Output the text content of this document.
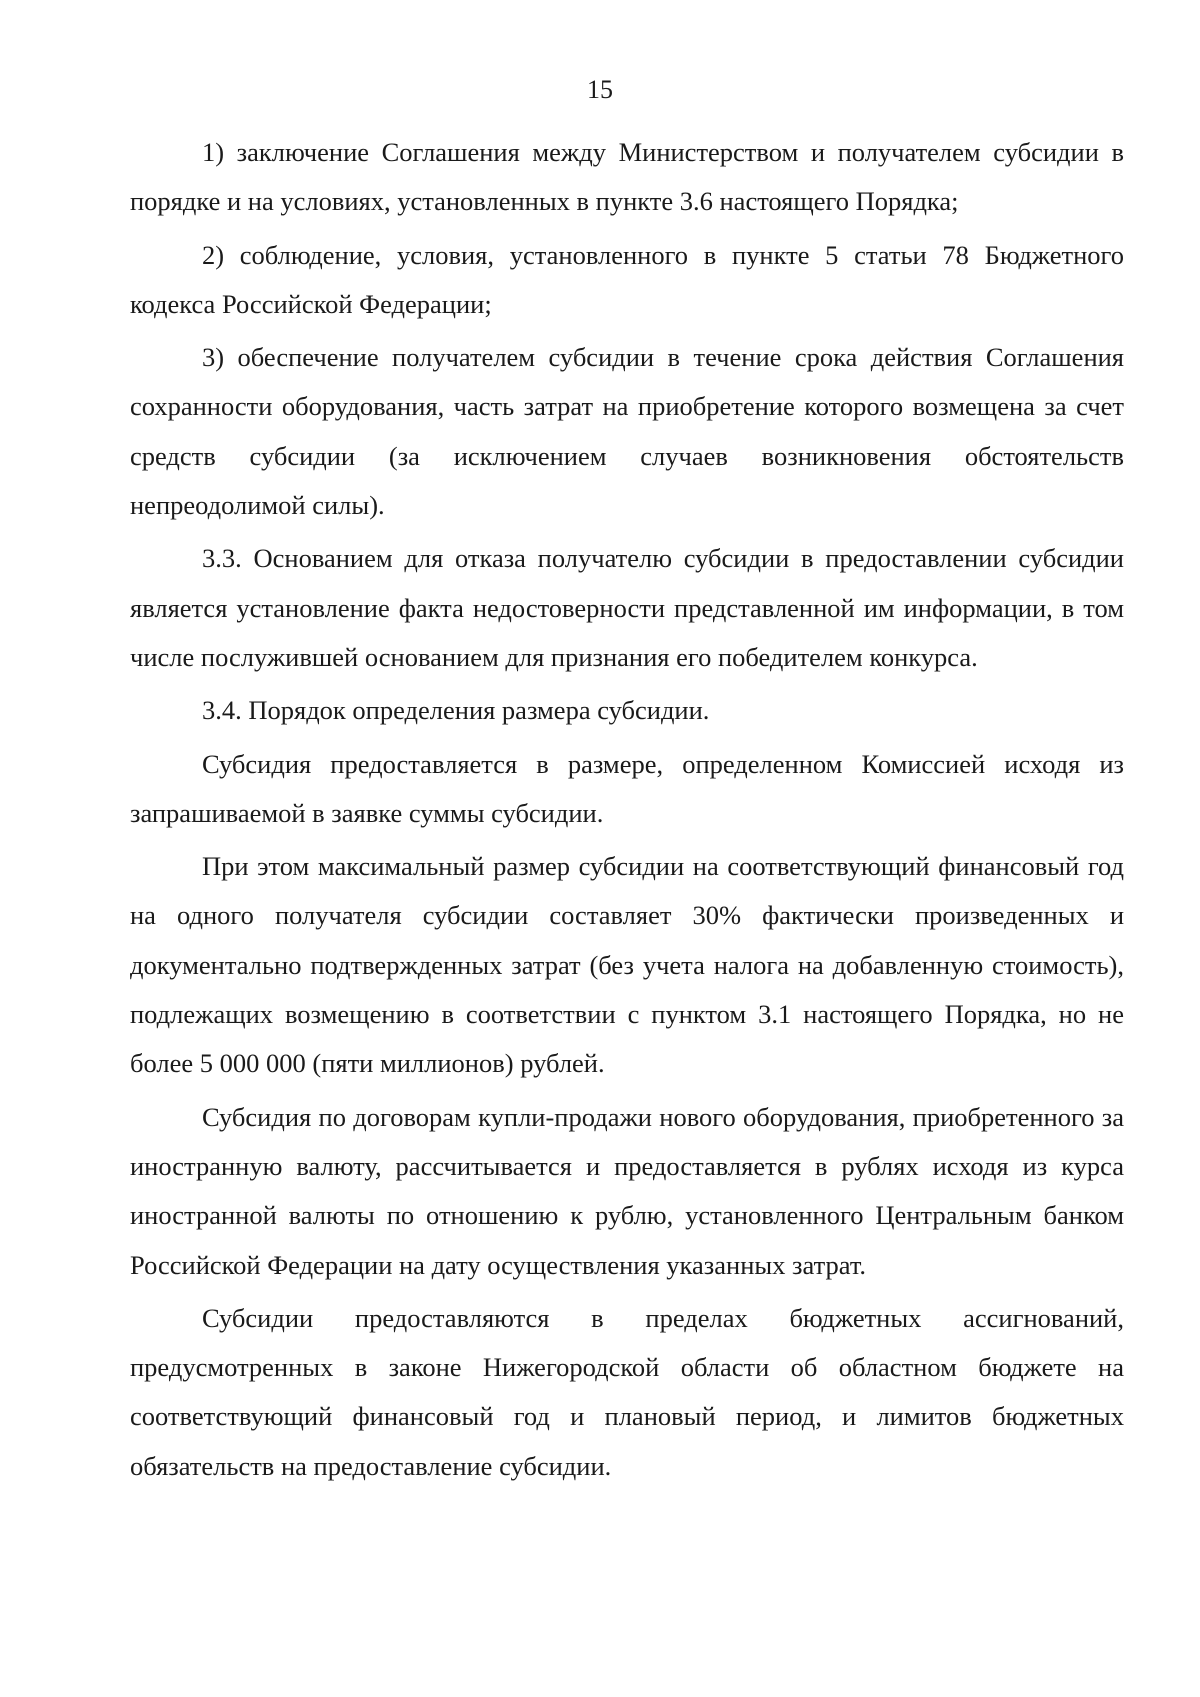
15

1) заключение Соглашения между Министерством и получателем субсидии в порядке и на условиях, установленных в пункте 3.6 настоящего Порядка;

2) соблюдение, условия, установленного в пункте 5 статьи 78 Бюджетного кодекса Российской Федерации;

3) обеспечение получателем субсидии в течение срока действия Соглашения сохранности оборудования, часть затрат на приобретение которого возмещена за счет средств субсидии (за исключением случаев возникновения обстоятельств непреодолимой силы).

3.3. Основанием для отказа получателю субсидии в предоставлении субсидии является установление факта недостоверности представленной им информации, в том числе послужившей основанием для признания его победителем конкурса.

3.4. Порядок определения размера субсидии.

Субсидия предоставляется в размере, определенном Комиссией исходя из запрашиваемой в заявке суммы субсидии.

При этом максимальный размер субсидии на соответствующий финансовый год на одного получателя субсидии составляет 30% фактически произведенных и документально подтвержденных затрат (без учета налога на добавленную стоимость), подлежащих возмещению в соответствии с пунктом 3.1 настоящего Порядка, но не более 5 000 000 (пяти миллионов) рублей.

Субсидия по договорам купли-продажи нового оборудования, приобретенного за иностранную валюту, рассчитывается и предоставляется в рублях исходя из курса иностранной валюты по отношению к рублю, установленного Центральным банком Российской Федерации на дату осуществления указанных затрат.

Субсидии предоставляются в пределах бюджетных ассигнований, предусмотренных в законе Нижегородской области об областном бюджете на соответствующий финансовый год и плановый период, и лимитов бюджетных обязательств на предоставление субсидии.
